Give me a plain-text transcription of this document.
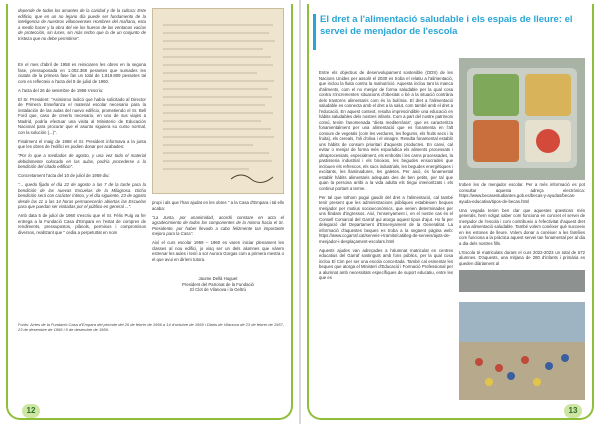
depende de todos los amantes de la caridad y de la cultura: Este edificio, que en un no lejano día puede ser fundamento de la inteligencia de nuestros villanovenses Hombres del mañana, esta a medio hacer y la obra del vie los hueros de las ventanas vacías de protección, sin luces, sin más techo que la de un conjunto de tristeza que no debe permitirse".

En el mes d'abril de 1958 es reiniciaren les obres en la segona fase, pressuposada en 1.002.368 pessetes que sumades les ciutats de la primera fase fan un total de 1.819.809 pessetes tal com es reflecteix a l'acta del 8 de juliol de 1960.

A l'acta del 26 de setembre de 1958 s'escriu:

El Sr. President: "Asimismo indicó que había solicitado al Director de Primera Enseñanza el material escolar necesario para la instalación de las aulas del nuevo edificio, prometiendo el Sr. Bell Ford que, caso de creerlo necesario, en uno de sus viajes a Madrid, podría efectuar una visita al Ministerio de Educación Nacional para procurar que el asunto siguiera su curso normal, con la solución (...)".

Finalment el maig de 1958 el Sr. President informava a la junta que les obres de l'edifici es podien donar per acabades:

"Por lo que a mediados de agosto, y una vez todo el material debidamente colocado en las aulas, podría procederse a la bendición del citado edificio".

Concretament l'acta del 10 de juliol de 1959 diu:

"... quedo fijado el día 22 de agosto a las 7 de la tarde para la bendición de las nuevas Escuelas de la Milagrosa. Dicha bendición será con carácter íntimo, y el día siguiente, 23 de agosto desde las 11 a las 14 horas permanecerán abiertas las Escuelas para que puedan ser visitadas por el público en general ...".

Amb data 5 de juliol de 1960 s'escriu que el Sr. Fèlix Puig va fer entrega a la Fundació Casa d'Empara en l'estat de compres de rendiments, pressupostos, plànols, permisos i compromisos diversos, realitzant que " cedia a perpetuïtat en nom

propi i als que l'han ajudat en les obres " a la Casa d'Empara i tal ells acaba:

"La Junta, por unanimidad, acordó constare en acta el agradecimiento de todos los componentes de la misma hacia el Sr. Presidente, por haber llevado a cabo felizmente tan importante mejora para la Casa".

Així el curs escolar 1959 – 1960 es varen iniciar plenament les classes al nou edifici, jo visq ser un dels alumnes que vàrem estrenar les aules i teníi a sor Aurora Gorgas com a primera mestra o el que avui en diríem tutora.

Jaume Dellà Huguet
President del Patronat de la Fundació
El Clot de Vilanova i la Geltrú
Fonts: Actes de la Fundació Casa d'Empara del període del 26 de febrer de 1956 a 14 d'octubre de 1959 i Diaris de Vilanova de 23 de febrer de 1957, 23 de desembre de 1956 i 5 de desembre de 1956.
12
El dret a l'alimentació saludable i els espais de lleure: el servei de menjador de l'escola

Entre els objectius de desenvolupament sostenible (ODS) de les Nacions Unides per assolir el 2030 es troba el relatiu a l'alimentació, que inclou la lluita contra la malnutrició. Aquesta inclou tant la manca d'aliments, com el no menjar de forma saludable per la qual cosa contra s'incrementen situacions d'obesitat o bé a la situació contrària dels trastorns alimentaris com és la bulímia. El dret a l'alimentació saludable es connecta amb el dret a la salut, com també amb el dret a l'educació. En aquest context, resulta imprescindible una educació en hàbits saludables dels nostres infants. Com a part del nostre patrimoni comú, tenim l'anomenada "dieta mediterrània", que es caracteritza fonamentalment per una alimentació que es fonamenta en l'alt consum de vegetals (com les verdures, les llegums, els fruits secs i la fruita), els cereals, l'oli d'oliva i el vinagre. Resulta fonamental establir uns hàbits de consum prioritari d'aquests productes. En canvi, cal evitar o menjar de forma més esporàdica els aliments processats i ultraprocessats, especialment, els embotits i les carns processades, la pastisseria industrial i els brioixos, les begudes ensucrades que inclouen els refrescos, els sucs industrials, les begudes energètiques i excitants, les llaminadures, les galetes. Per això, és fonamental establir hàbits alimentaris adequats des de ben petits, per tal que quan la persona arribi a la vida adulta els tingui interioritzats i els continuï portant a terme.

Per tal que tothom pugui gaudir del dret a l'alimentació, cal també tenir present que les administracions públiques estableixen beques menjador per motius socioeconòmics, que venen determinades per uns llindars d'ingressos. Així, l'ensenyament i, en el nostre cas és el Consell Comarcal del Garraf qui atorga aquest tipus d'ajut. Ho fa per delegació del Departament d'Ensenyament de la Generalitat. La informació d'aquestes beques es troba a la següent pàgina web: https://www.ccgarraf.cat/serveis-i-tramits/catàleg-de-serveis/ajuts-de-menjador-i-desplaçament-escolars.html

Aquests ajudes van adreçades a l'alumnat matriculat en centres educatius del Garraf sostinguts amb fons públics, per la qual cosa inclou El Cim per ser una escola concertada. També cal esmentar les beques que atorga el Ministeri d'Educació i Formació Professional per a alumnat amb necessitats específiques de suport educatiu, entre les que es

troben les de menjador escolar. Per a més informació es pot consultar aquesta adreça electrònica: https://www.becasestudiantes.gob.es/becas-y-ayudas/becas-ayuda-educativa/tipos-de-becas.html

Una vegada tenim ben clar que aquestes qüestions més generals, hem volgut saber com funciona en concret el servei de menjador de l'escola i com contribueix a l'efectivitat d'aquest dret a una alimentació saludable. També volem conèixer què succeeix en les estones de lleure. Volem donar a conèixer a les famílies com funciona a la pràctica aquest servei tan fonamental per al dia a dia dels nostres fills.

L'Escola té matriculats durant el curs 2022-2023 un total de 672 alumnes. D'aquests, una mitjana de 280 d'infants i primària es queden diàriament al

13
